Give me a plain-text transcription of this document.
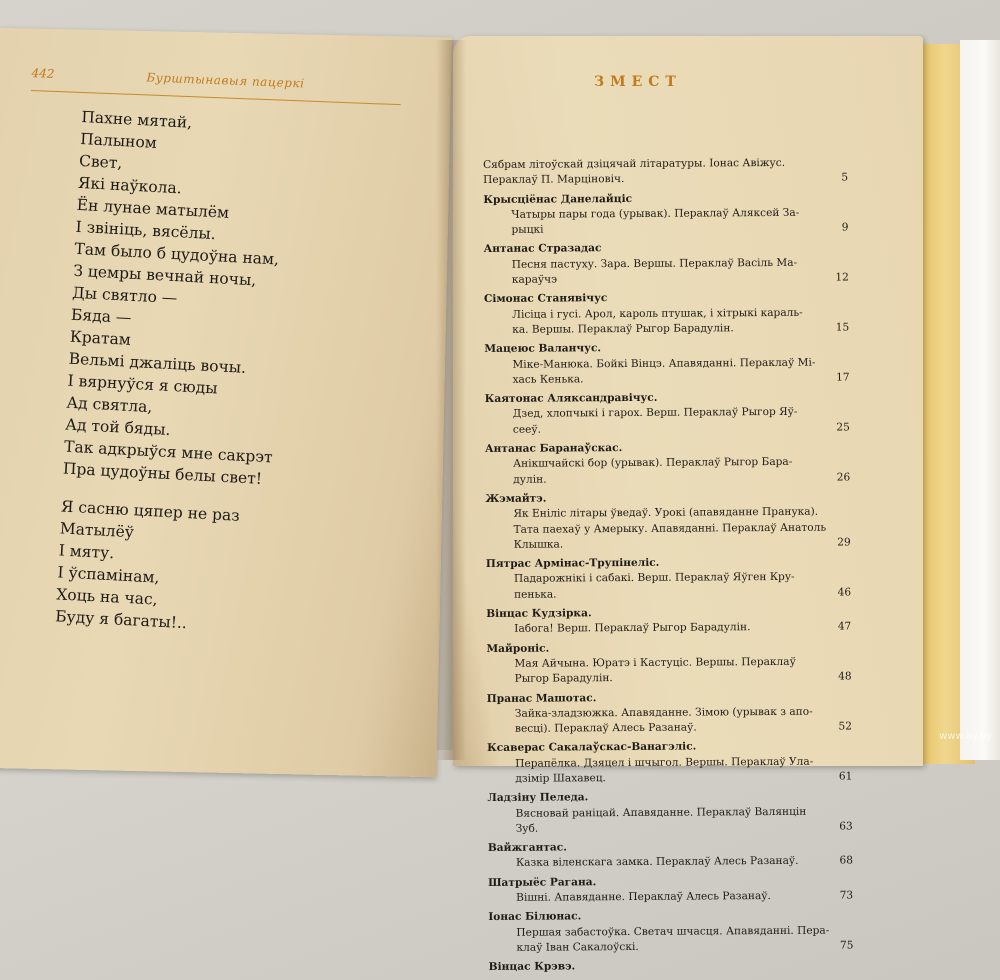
442	Бурштынавыя пацеркі
Пахне мятай,
Палыном
Свет,
Які наўкола.
Ён лунае матылём
І звініць, вясёлы.
Там было б цудоўна нам,
З цемры вечнай ночы,
Ды святло —
Бяда —
Кратам
Вельмі джаліць вочы.
І вярнуўся я сюды
Ад святла,
Ад той бяды.
Так адкрыўся мне сакрэт
Пра цудоўны белы свет!
Я сасню цяпер не раз
Матылёў
І мяту.
І ўспамінам,
Хоць на час,
Буду я багаты!..
ЗМЕСТ
Сябрам літоўскай дзіцячай літаратуры. Іонас Авіжус.
Пераклаў П. Марціновіч.	5
Крысціёнас Данелайціс
Чатыры пары года (урывак). Пераклаў Аляксей За-
рыцкі	9
Антанас Стразадас
Песня пастуху. Зара. Вершы. Пераклаў Васіль Ма-
караўчэ	12
Сімонас Станявічус
Лісіца і гусі. Арол, кароль птушак, і хітрыкі караль-
ка. Вершы. Пераклаў Рыгор Барадулін.	15
Мацеюс Валанчус.
Міке-Манюка. Бойкі Вінцэ. Апавяданні. Пераклаў Мі-
хась Кенька.	17
Каятонас Аляксандравічус.
Дзед, хлопчыкі і гарох. Верш. Пераклаў Рыгор Яў-
сееў.	25
Антанас Баранаўскас.
Анікшчайскі бор (урывак). Пераклаў Рыгор Бара-
дулін.	26
Жэмайтэ.
Як Еніліс літары ўведаў. Урокі (апавяданне Пранука).
Тата паехаў у Амерыку. Апавяданні. Пераклаў Анатоль
Клышка.	29
Пятрас Армінас-Трупінеліс.
Падарожнікі і сабакі. Верш. Пераклаў Яўген Кру-
пенька.	46
Вінцас Кудзірка.
Іабога! Верш. Пераклаў Рыгор Барадулін.	47
Майроніс.
Мая Айчына. Юратэ і Кастуціс. Вершы. Пераклаў
Рыгор Барадулін.	48
Пранас Машотас.
Зайка-зладзюжка. Апавяданне. Зімою (урывак з апо-
весці). Пераклаў Алесь Разанаў.	52
Ксаверас Сакалаўскас-Ванагэліс.
Перапёлка. Дзяцел і шчыгол. Вершы. Пераклаў Ула-
дзімір Шахавец.	61
Ладзіну Пеледа.
Вясновай раніцай. Апавяданне. Пераклаў Валянцін
Зуб.	63
Вайжгантас.
Казка віленскага замка. Пераклаў Алесь Разанаў.	68
Шатрыёс Рагана.
Вішні. Апавяданне. Пераклаў Алесь Разанаў.	73
Іонас Білюнас.
Першая забастоўка. Светач шчасця. Апавяданні. Пера-
клаў Іван Сакалоўскі.	75
Вінцас Крэвэ.
www.ay.by
